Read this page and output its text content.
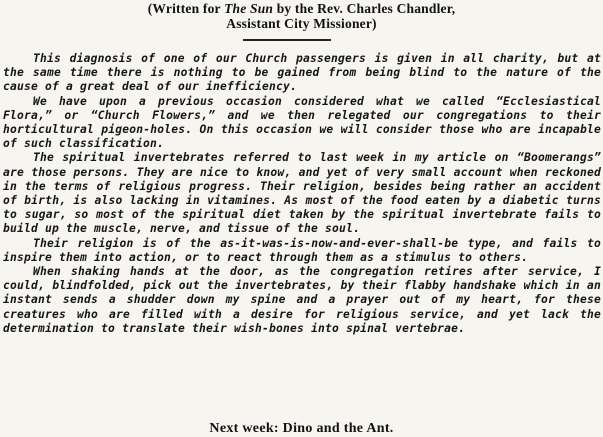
(Written for The Sun by the Rev. Charles Chandler,
Assistant City Missioner)

This diagnosis of one of our Church passengers is given in all charity, but at the same time there is nothing to be gained from being blind to the nature of the cause of a great deal of our inefficiency.

We have upon a previous occasion considered what we called “Ecclesiastical Flora,” or “Church Flowers,” and we then relegated our congregations to their horticultural pigeon-holes. On this occasion we will consider those who are incapable of such classification.

The spiritual invertebrates referred to last week in my article on “Boomerangs” are those persons. They are nice to know, and yet of very small account when reckoned in the terms of religious progress. Their religion, besides being rather an accident of birth, is also lacking in vitamines. As most of the food eaten by a diabetic turns to sugar, so most of the spiritual diet taken by the spiritual invertebrate fails to build up the muscle, nerve, and tissue of the soul.

Their religion is of the as-it-was-is-now-and-ever-shall-be type, and fails to inspire them into action, or to react through them as a stimulus to others.

When shaking hands at the door, as the congregation retires after service, I could, blindfolded, pick out the invertebrates, by their flabby handshake which in an instant sends a shudder down my spine and a prayer out of my heart, for these creatures who are filled with a desire for religious service, and yet lack the determination to translate their wish-bones into spinal vertebrae.

Next week: Dino and the Ant.
